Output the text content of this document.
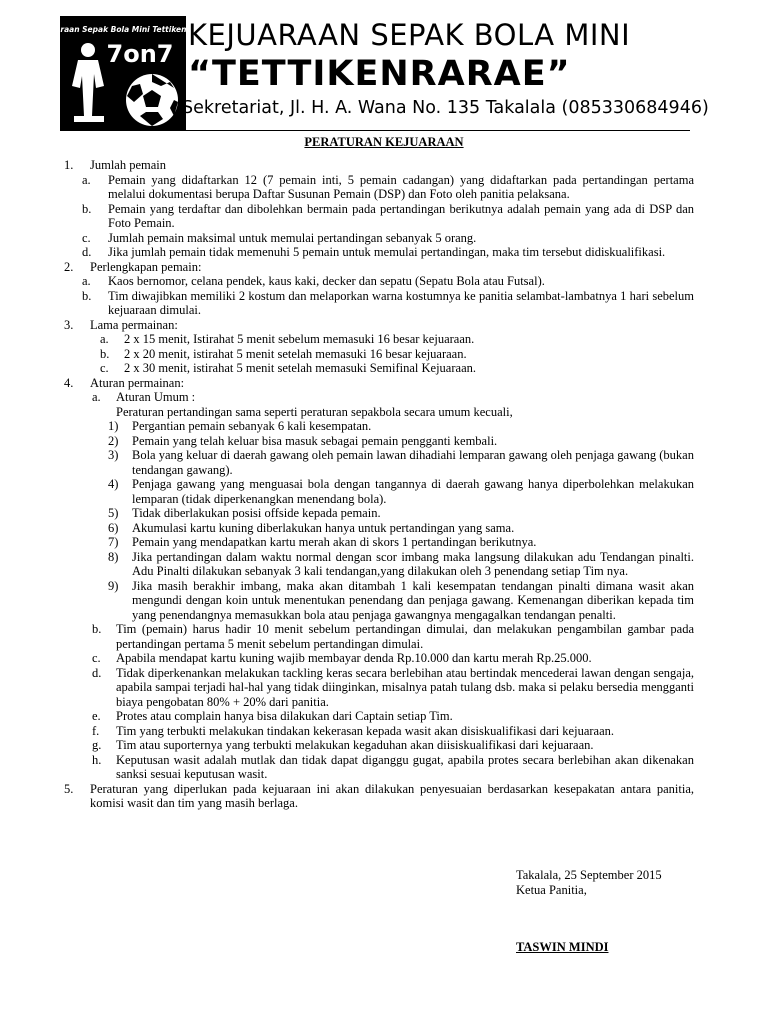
Kejuaraan Sepak Bola Mini Tettikenrarae
7on7
KEJUARAAN SEPAK BOLA MINI
“TETTIKENRARAE”
Sekretariat, Jl. H. A. Wana No. 135 Takalala (085330684946)
PERATURAN KEJUARAAN
1. Jumlah pemain
a. Pemain yang didaftarkan 12 (7 pemain inti, 5 pemain cadangan) yang didaftarkan pada pertandingan pertama melalui dokumentasi berupa Daftar Susunan Pemain (DSP) dan Foto oleh panitia pelaksana.
b. Pemain yang terdaftar dan dibolehkan bermain pada pertandingan berikutnya adalah pemain yang ada di DSP dan Foto Pemain.
c. Jumlah pemain maksimal untuk memulai pertandingan sebanyak 5 orang.
d. Jika jumlah pemain tidak memenuhi 5 pemain untuk memulai pertandingan, maka tim tersebut didiskualifikasi.
2. Perlengkapan pemain:
a. Kaos bernomor, celana pendek, kaus kaki, decker dan sepatu (Sepatu Bola atau Futsal).
b. Tim diwajibkan memiliki 2 kostum dan melaporkan warna kostumnya ke panitia selambat-lambatnya 1 hari sebelum kejuaraan dimulai.
3. Lama permainan:
a. 2 x 15 menit, Istirahat 5 menit sebelum memasuki 16 besar kejuaraan.
b. 2 x 20 menit, istirahat 5 menit setelah memasuki 16 besar kejuaraan.
c. 2 x 30 menit, istirahat 5 menit setelah memasuki Semifinal Kejuaraan.
4. Aturan permainan:
a. Aturan Umum :
Peraturan pertandingan sama seperti peraturan sepakbola secara umum kecuali,
1) Pergantian pemain sebanyak 6 kali kesempatan.
2) Pemain yang telah keluar bisa masuk sebagai pemain pengganti kembali.
3) Bola yang keluar di daerah gawang oleh pemain lawan dihadiahi lemparan gawang oleh penjaga gawang (bukan tendangan gawang).
4) Penjaga gawang yang menguasai bola dengan tangannya di daerah gawang hanya diperbolehkan melakukan lemparan (tidak diperkenangkan menendang bola).
5) Tidak diberlakukan posisi offside kepada pemain.
6) Akumulasi kartu kuning diberlakukan hanya untuk pertandingan yang sama.
7) Pemain yang mendapatkan kartu merah akan di skors 1 pertandingan berikutnya.
8) Jika pertandingan dalam waktu normal dengan scor imbang maka langsung dilakukan adu Tendangan pinalti. Adu Pinalti dilakukan sebanyak 3 kali tendangan,yang dilakukan oleh 3 penendang setiap Tim nya.
9) Jika masih berakhir imbang, maka akan ditambah 1 kali kesempatan tendangan pinalti dimana wasit akan mengundi dengan koin untuk menentukan penendang dan penjaga gawang. Kemenangan diberikan kepada tim yang penendangnya memasukkan bola atau penjaga gawangnya mengagalkan tendangan penalti.
b. Tim (pemain) harus hadir 10 menit sebelum pertandingan dimulai, dan melakukan pengambilan gambar pada pertandingan pertama 5 menit sebelum pertandingan dimulai.
c. Apabila mendapat kartu kuning wajib membayar denda Rp.10.000 dan kartu merah Rp.25.000.
d. Tidak diperkenankan melakukan tackling keras secara berlebihan atau bertindak mencederai lawan dengan sengaja, apabila sampai terjadi hal-hal yang tidak diinginkan, misalnya patah tulang dsb. maka si pelaku bersedia mengganti biaya pengobatan 80% + 20% dari panitia.
e. Protes atau complain hanya bisa dilakukan dari Captain setiap Tim.
f. Tim yang terbukti melakukan tindakan kekerasan kepada wasit akan disiskualifikasi dari kejuaraan.
g. Tim atau suporternya yang terbukti melakukan kegaduhan akan diisiskualifikasi dari kejuaraan.
h. Keputusan wasit adalah mutlak dan tidak dapat diganggu gugat, apabila protes secara berlebihan akan dikenakan sanksi sesuai keputusan wasit.
5. Peraturan yang diperlukan pada kejuaraan ini akan dilakukan penyesuaian berdasarkan kesepakatan antara panitia, komisi wasit dan tim yang masih berlaga.
Takalala, 25 September 2015
Ketua Panitia,
TASWIN MINDI
